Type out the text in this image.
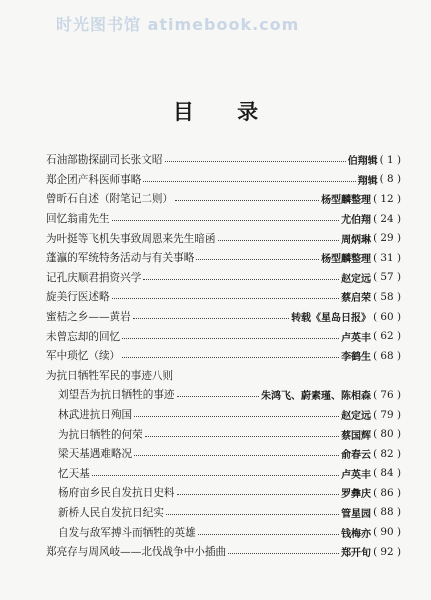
时光图书馆 atimebook.com
目 录
石油部勘探副司长张文昭	伯翔辑 ( 1 )
郑企团产科医师事略	翔辑 ( 8 )
曾昕石自述（附笔记二则）	杨型麟整理 ( 12 )
回忆翁甫先生	尤伯翔 ( 24 )
为叶挺等飞机失事致周恩来先生暗函	周炳琳 ( 29 )
蓬瀛的军统特务活动与有关事略	杨型麟整理 ( 31 )
记孔庆顺君捐资兴学	赵定远 ( 57 )
旋美行医述略	蔡启荣 ( 58 )
蜜桔之乡——黄岩	转载《星岛日报》 ( 60 )
未曾忘却的回忆	卢英丰 ( 62 )
军中琐忆（续）	李鹤生 ( 68 )
为抗日牺牲军民的事迹八则
刘望吾为抗日牺牲的事迹	朱鸿飞、蔚素瑾、陈相森 ( 76 )
林武进抗日殉国	赵定远 ( 79 )
为抗日牺牲的何荣	蔡国辉 ( 80 )
梁天基遇难略况	俞春云 ( 82 )
忆天基	卢英丰 ( 84 )
杨府亩乡民自发抗日史料	罗彝庆 ( 86 )
新桥人民自发抗日纪实	管星园 ( 88 )
自发与敌军搏斗而牺牲的英雄	钱梅亦 ( 90 )
郑亮存与周风岐——北伐战争中小插曲	郑开旬 ( 92 )
